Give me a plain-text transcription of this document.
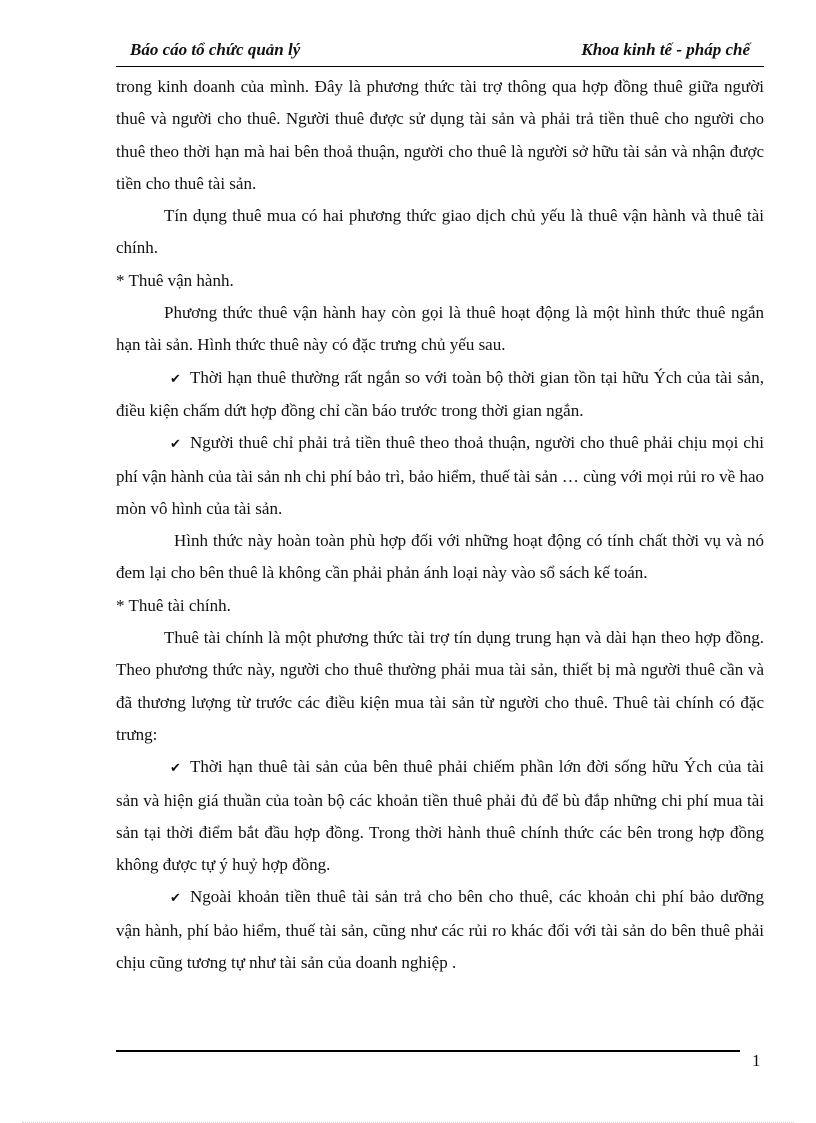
Báo cáo tổ chức quản lý	Khoa kinh tế - pháp chế

trong kinh doanh của mình. Đây là phương thức tài trợ thông qua hợp đồng thuê giữa người thuê và người cho thuê. Người thuê được sử dụng tài sản và phải trả tiền thuê cho người cho thuê theo thời hạn mà hai bên thoả thuận, người cho thuê là người sở hữu tài sản và nhận được tiền cho thuê tài sản.

Tín dụng thuê mua có hai phương thức giao dịch chủ yếu là thuê vận hành và thuê tài chính.

* Thuê vận hành.

Phương thức thuê vận hành hay còn gọi là thuê hoạt động là một hình thức thuê ngắn hạn tài sản. Hình thức thuê này có đặc trưng chủ yếu sau.

✔ Thời hạn thuê thường rất ngắn so với toàn bộ thời gian tồn tại hữu Ých của tài sản, điều kiện chấm dứt hợp đồng chỉ cần báo trước trong thời gian ngắn.

✔ Người thuê chỉ phải trả tiền thuê theo thoả thuận, người cho thuê phải chịu mọi chi phí vận hành của tài sản nh chi phí bảo trì, bảo hiểm, thuế tài sản … cùng với mọi rủi ro về hao mòn vô hình của tài sản.

Hình thức này hoàn toàn phù hợp đối với những hoạt động có tính chất thời vụ và nó đem lại cho bên thuê là không cần phải phản ánh loại này vào sổ sách kế toán.

* Thuê tài chính.

Thuê tài chính là một phương thức tài trợ tín dụng trung hạn và dài hạn theo hợp đồng. Theo phương thức này, người cho thuê thường phải mua tài sản, thiết bị mà người thuê cần và đã thương lượng từ trước các điều kiện mua tài sản từ người cho thuê. Thuê tài chính có đặc trưng:

✔ Thời hạn thuê tài sản của bên thuê phải chiếm phần lớn đời sống hữu Ých của tài sản và hiện giá thuần của toàn bộ các khoản tiền thuê phải đủ để bù đắp những chi phí mua tài sản tại thời điểm bắt đầu hợp đồng. Trong thời hành thuê chính thức các bên trong hợp đồng không được tự ý huỷ hợp đồng.

✔ Ngoài khoản tiền thuê tài sản trả cho bên cho thuê, các khoản chi phí bảo dưỡng vận hành, phí bảo hiểm, thuế tài sản, cũng như các rủi ro khác đối với tài sản do bên thuê phải chịu cũng tương tự như tài sản của doanh nghiệp .

1
